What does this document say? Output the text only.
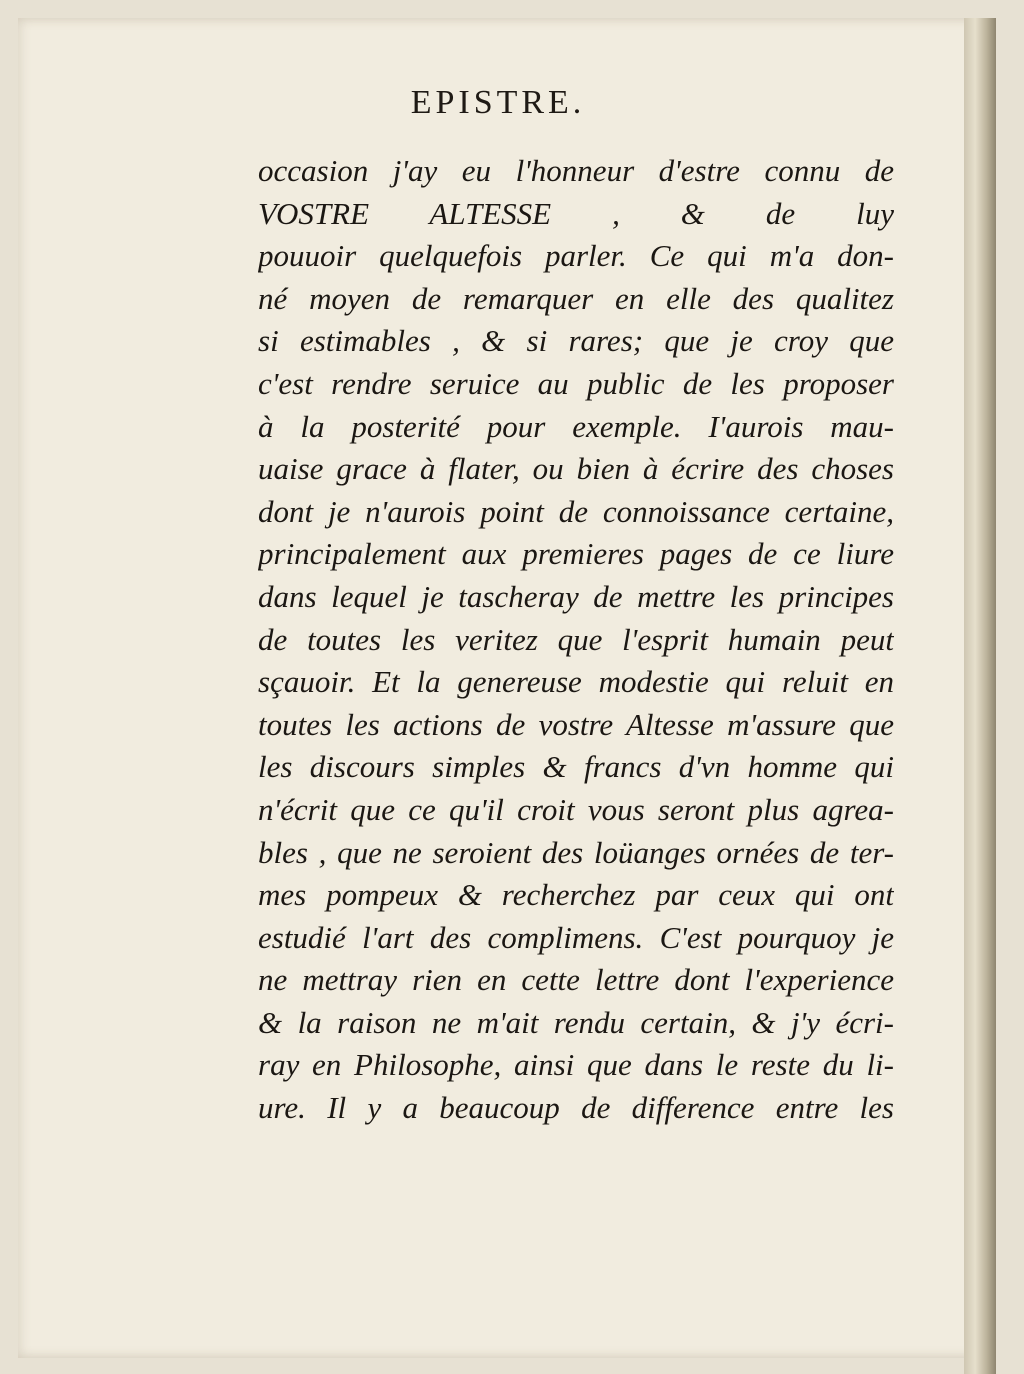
EPISTRE.
occasion j'ay eu l'honneur d'estre connu de
VOSTRE ALTESSE , & de luy
pouuoir quelquefois parler. Ce qui m'a don-
né moyen de remarquer en elle des qualitez
si estimables , & si rares; que je croy que
c'est rendre seruice au public de les proposer
à la posterité pour exemple. I'aurois mau-
uaise grace à flater, ou bien à écrire des choses
dont je n'aurois point de connoissance certaine,
principalement aux premieres pages de ce liure
dans lequel je tascheray de mettre les principes
de toutes les veritez que l'esprit humain peut
sçauoir. Et la genereuse modestie qui reluit en
toutes les actions de vostre Altesse m'assure que
les discours simples & francs d'vn homme qui
n'écrit que ce qu'il croit vous seront plus agrea-
bles , que ne seroient des loüanges ornées de ter-
mes pompeux & recherchez par ceux qui ont
estudié l'art des complimens. C'est pourquoy je
ne mettray rien en cette lettre dont l'experience
& la raison ne m'ait rendu certain, & j'y écri-
ray en Philosophe, ainsi que dans le reste du li-
ure. Il y a beaucoup de difference entre les
